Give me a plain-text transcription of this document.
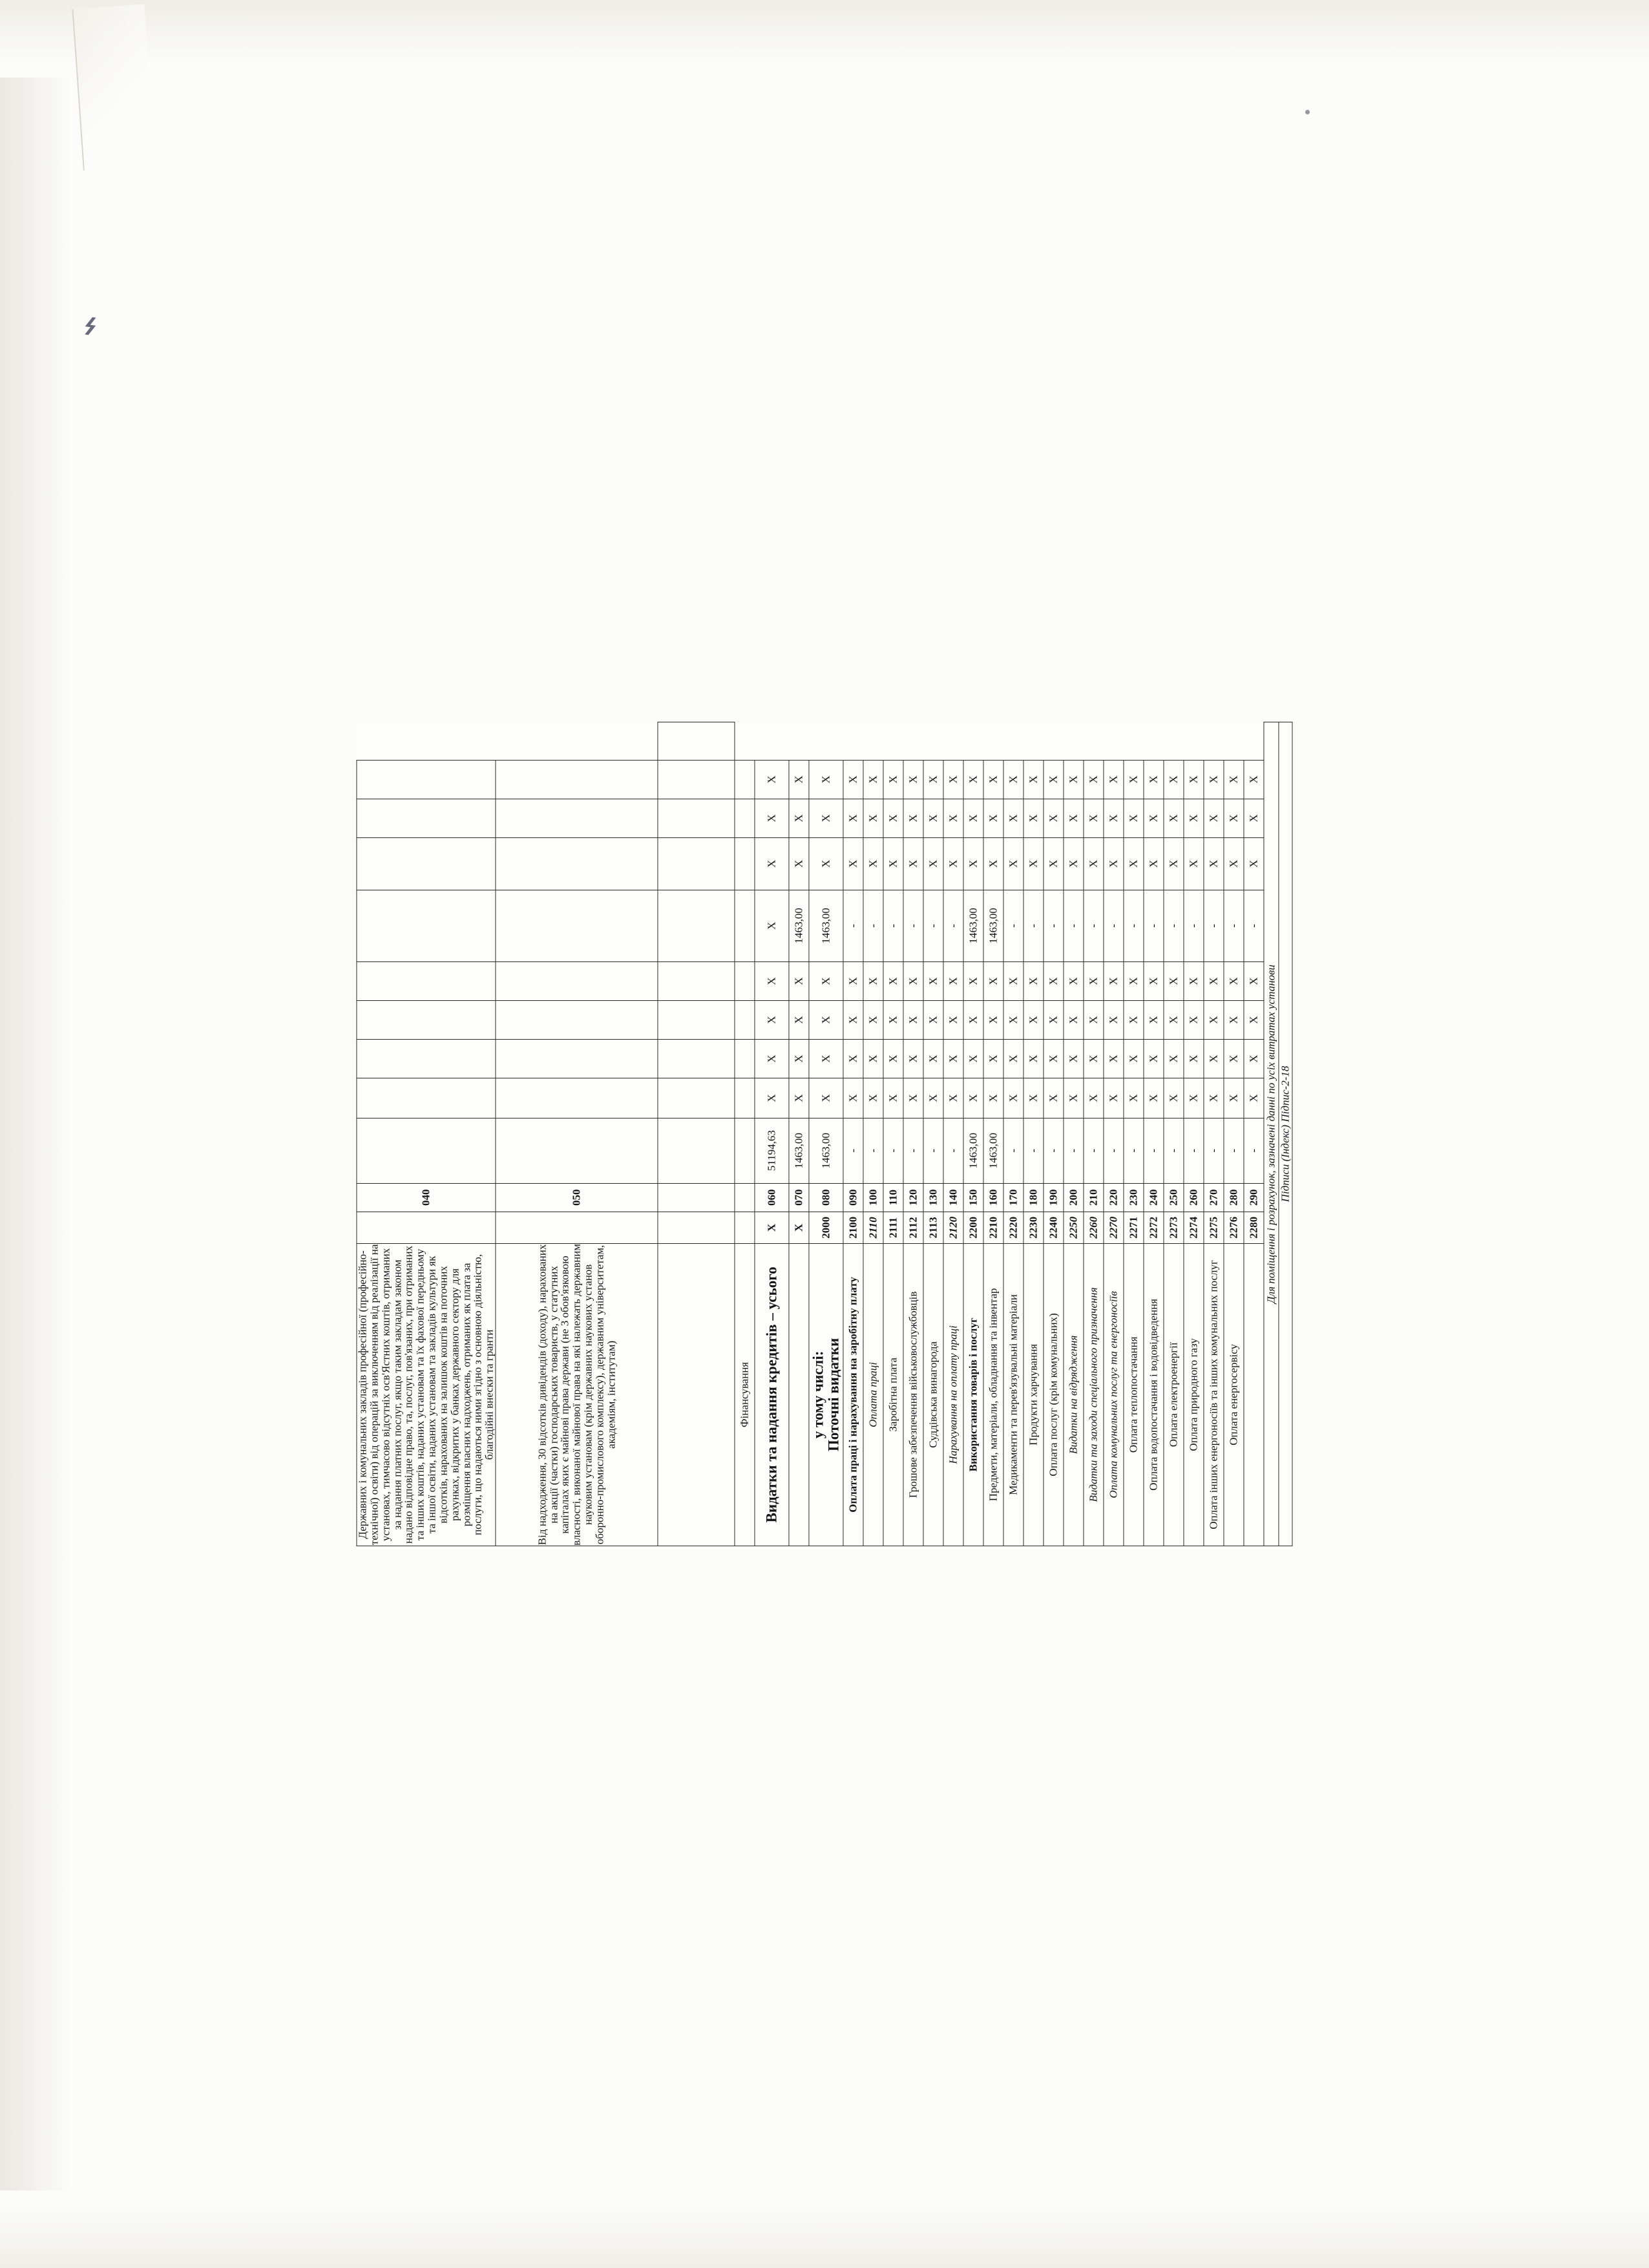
⌁
Державних і комунальних закладів професійної (професійно-технічної) освіти) від операцій за виключенням від реалізації на установах, тимчасово відсутніх осв'Ястних коштів, отриманих за надання платних послуг, якщо таким закладам законом надано відповідне право, та, послуг, пов'язаних, при отриманих та інших коштів, наданих установам та їх фахової передньому та іншої освіти, наданих установам та закладів культури як відсотків, нарахованих на залишок коштів на поточних рахунках, відкритих у банках державного сектору для розміщення власних надходжень, отриманих як плата за послуги, що надаються ними згідно з основною діяльністю, благодійні внески та гранти		040										
Від надходження, 30 відсотків дивідендів (доходу), нарахованих на акції (частки) господарських товариств, у статутних капіталах яких є майнові права держави (не 3 обов'язковою власності, виконаної майнової права на які належать державним науковим установам (крім державних наукових установ оборонно-промислового комплексу), державним університетам, академіям, інститутам)		050										

Фінансування												
Видатки та надання кредитів – усього	X	060	51194,63	X	X	X	X	X	X	X	X	
	X	070	1463,00	X	X	X	X	1463,00	X	X	X	
у тому числі:
Поточні видатки	2000	080	1463,00	X	X	X	X	1463,00	X	X	X	
Оплата праці і нарахування на заробітну плату	2100	090	-	X	X	X	X	-	X	X	X	
Оплата праці	2110	100	-	X	X	X	X	-	X	X	X	
Заробітна плата	2111	110	-	X	X	X	X	-	X	X	X	
Грошове забезпечення військовослужбовців	2112	120	-	X	X	X	X	-	X	X	X	
Суддівська винагорода	2113	130	-	X	X	X	X	-	X	X	X	
Нарахування на оплату праці	2120	140	-	X	X	X	X	-	X	X	X	
Використання товарів і послуг	2200	150	1463,00	X	X	X	X	1463,00	X	X	X	
Предмети, матеріали, обладнання та інвентар	2210	160	1463,00	X	X	X	X	1463,00	X	X	X	
Медикаменти та перев'язувальні матеріали	2220	170	-	X	X	X	X	-	X	X	X	
Продукти харчування	2230	180	-	X	X	X	X	-	X	X	X	
Оплата послуг (крім комунальних)	2240	190	-	X	X	X	X	-	X	X	X	
Видатки на відрядження	2250	200	-	X	X	X	X	-	X	X	X	
Видатки та заходи спеціального призначення	2260	210	-	X	X	X	X	-	X	X	X	
Оплата комунальних послуг та енергоносіїв	2270	220	-	X	X	X	X	-	X	X	X	
Оплата теплопостачання	2271	230	-	X	X	X	X	-	X	X	X	
Оплата водопостачання і водовідведення	2272	240	-	X	X	X	X	-	X	X	X	
Оплата електроенергії	2273	250	-	X	X	X	X	-	X	X	X	
Оплата природного газу	2274	260	-	X	X	X	X	-	X	X	X	
Оплата інших енергоносіїв та інших комунальних послуг	2275	270	-	X	X	X	X	-	X	X	X	
Оплата енергосервісу	2276	280	-	X	X	X	X	-	X	X	X	
	2280	290	-	X	X	X	X	-	X	X	X	
Для поміщення і розрахунок, зазначені данні по усіх витратах установи												
Підписи (Індекс) Підпис-2-18												
